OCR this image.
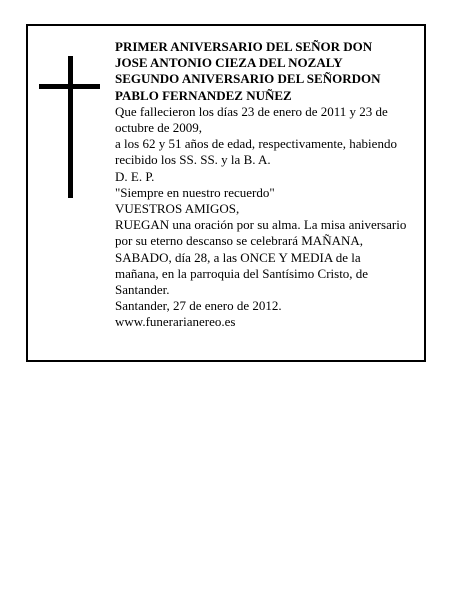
PRIMER ANIVERSARIO DEL SEÑOR DON
JOSE ANTONIO CIEZA DEL NOZALY
SEGUNDO ANIVERSARIO DEL SEÑORDON
PABLO FERNANDEZ NUÑEZ
Que fallecieron los días 23 de enero de 2011 y 23 de
octubre de 2009,
a los 62 y 51 años de edad, respectivamente, habiendo
recibido los SS. SS. y la B. A.
D. E. P.
"Siempre en nuestro recuerdo"
VUESTROS AMIGOS,
RUEGAN una oración por su alma. La misa aniversario
por su eterno descanso se celebrará MAÑANA,
SABADO, día 28, a las ONCE Y MEDIA de la
mañana, en la parroquia del Santísimo Cristo, de
Santander.
Santander, 27 de enero de 2012.
www.funerarianereo.es
